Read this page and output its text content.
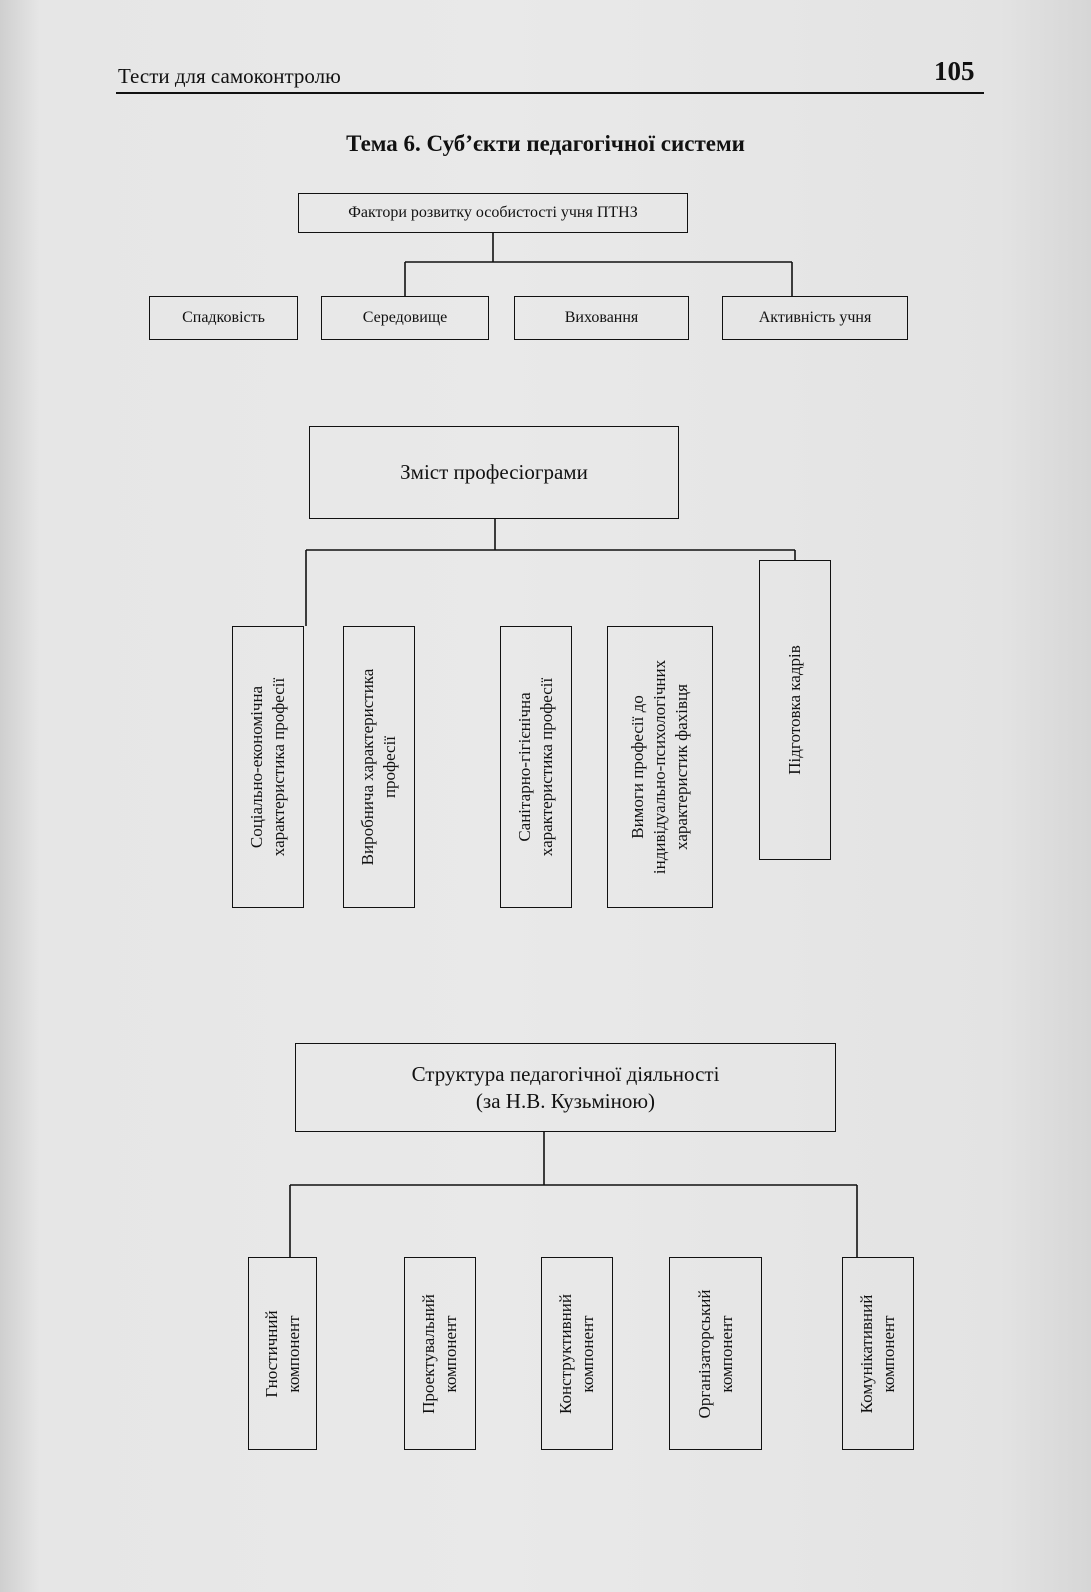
Тести для самоконтролю	105
Тема 6. Суб’єкти педагогічної системи
Фактори розвитку особистості учня ПТНЗ
Спадковість	Середовище	Виховання	Активність учня
Зміст професіограми
Соціально-економічна характеристика професії	Виробнича характеристика професії	Санітарно-гігієнічна характеристика професії	Вимоги професії до індивідуально-психологічних характеристик фахівця	Підготовка кадрів
Структура педагогічної діяльності
(за Н.В. Кузьміною)
Гностичний компонент	Проектувальний компонент	Конструктивний компонент	Організаторський компонент	Комунікативний компонент
